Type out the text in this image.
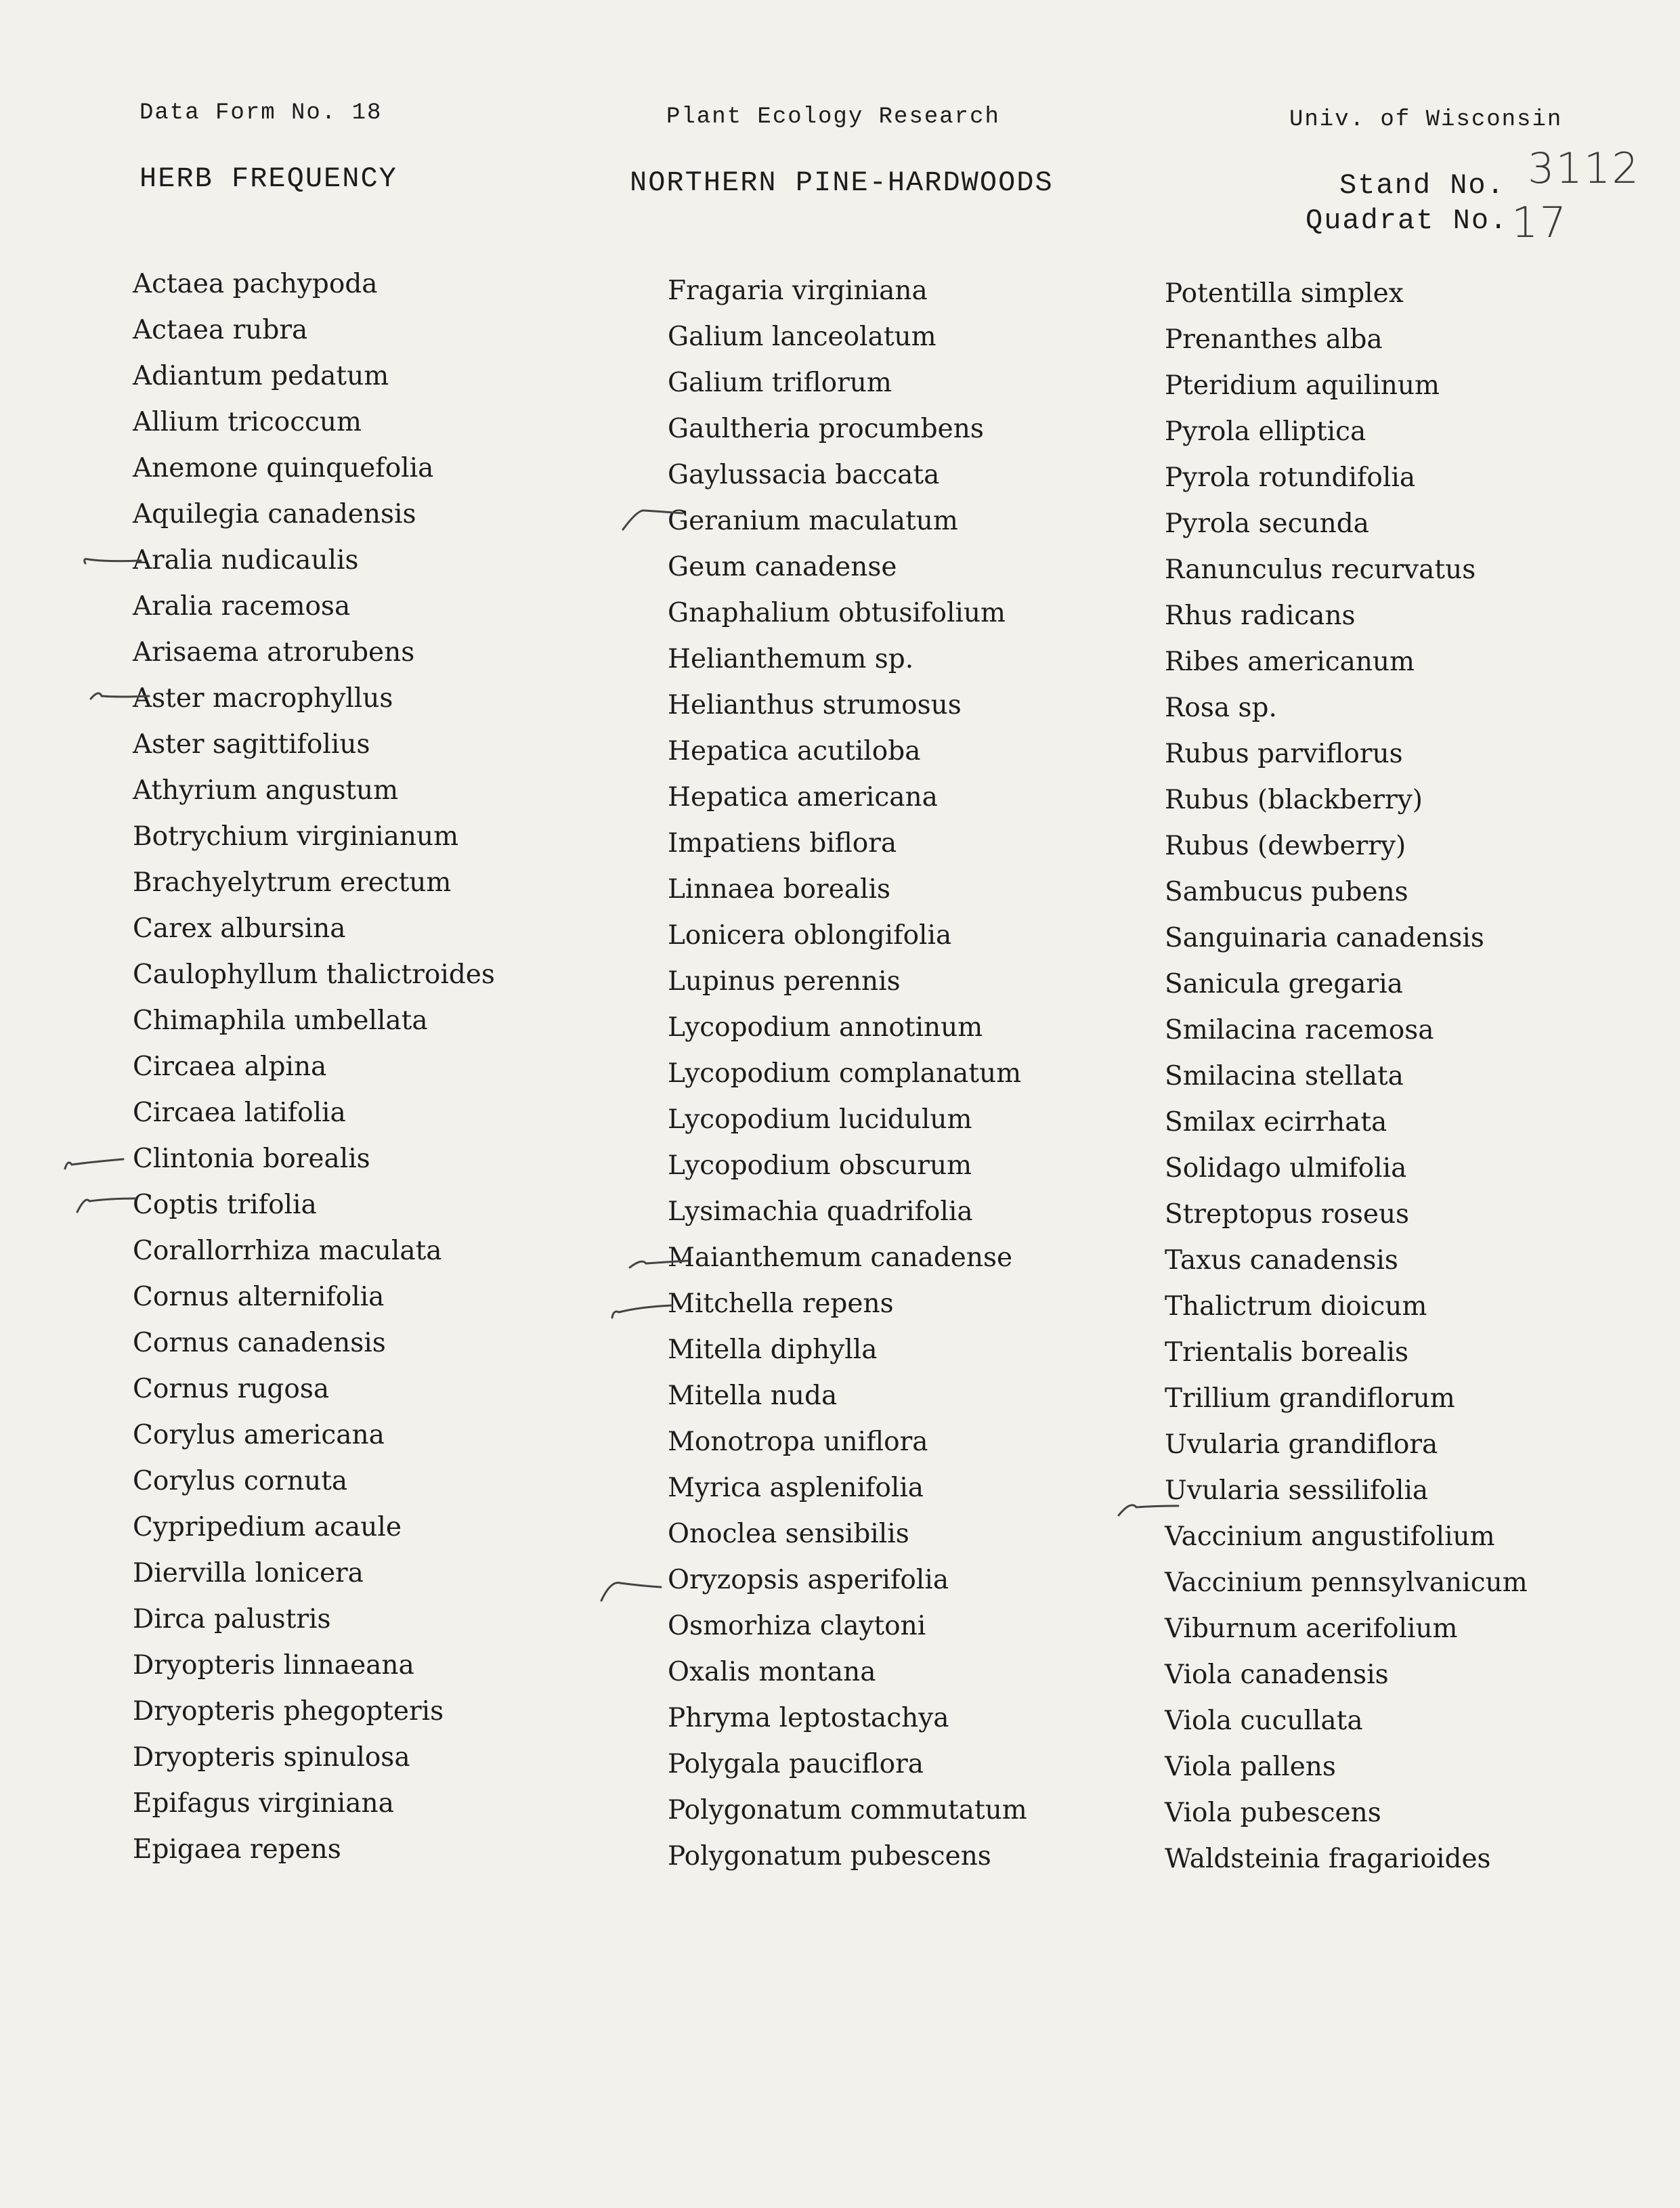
Data Form No. 18	Plant Ecology Research	Univ. of Wisconsin
HERB FREQUENCY	NORTHERN PINE-HARDWOODS	Stand No. 3112
Quadrat No. 17
Actaea pachypoda
Actaea rubra
Adiantum pedatum
Allium tricoccum
Anemone quinquefolia
Aquilegia canadensis
Aralia nudicaulis
Aralia racemosa
Arisaema atrorubens
Aster macrophyllus
Aster sagittifolius
Athyrium angustum
Botrychium virginianum
Brachyelytrum erectum
Carex albursina
Caulophyllum thalictroides
Chimaphila umbellata
Circaea alpina
Circaea latifolia
Clintonia borealis
Coptis trifolia
Corallorrhiza maculata
Cornus alternifolia
Cornus canadensis
Cornus rugosa
Corylus americana
Corylus cornuta
Cypripedium acaule
Diervilla lonicera
Dirca palustris
Dryopteris linnaeana
Dryopteris phegopteris
Dryopteris spinulosa
Epifagus virginiana
Epigaea repens
Fragaria virginiana
Galium lanceolatum
Galium triflorum
Gaultheria procumbens
Gaylussacia baccata
Geranium maculatum
Geum canadense
Gnaphalium obtusifolium
Helianthemum sp.
Helianthus strumosus
Hepatica acutiloba
Hepatica americana
Impatiens biflora
Linnaea borealis
Lonicera oblongifolia
Lupinus perennis
Lycopodium annotinum
Lycopodium complanatum
Lycopodium lucidulum
Lycopodium obscurum
Lysimachia quadrifolia
Maianthemum canadense
Mitchella repens
Mitella diphylla
Mitella nuda
Monotropa uniflora
Myrica asplenifolia
Onoclea sensibilis
Oryzopsis asperifolia
Osmorhiza claytoni
Oxalis montana
Phryma leptostachya
Polygala pauciflora
Polygonatum commutatum
Polygonatum pubescens
Potentilla simplex
Prenanthes alba
Pteridium aquilinum
Pyrola elliptica
Pyrola rotundifolia
Pyrola secunda
Ranunculus recurvatus
Rhus radicans
Ribes americanum
Rosa sp.
Rubus parviflorus
Rubus (blackberry)
Rubus (dewberry)
Sambucus pubens
Sanguinaria canadensis
Sanicula gregaria
Smilacina racemosa
Smilacina stellata
Smilax ecirrhata
Solidago ulmifolia
Streptopus roseus
Taxus canadensis
Thalictrum dioicum
Trientalis borealis
Trillium grandiflorum
Uvularia grandiflora
Uvularia sessilifolia
Vaccinium angustifolium
Vaccinium pennsylvanicum
Viburnum acerifolium
Viola canadensis
Viola cucullata
Viola pallens
Viola pubescens
Waldsteinia fragarioides
